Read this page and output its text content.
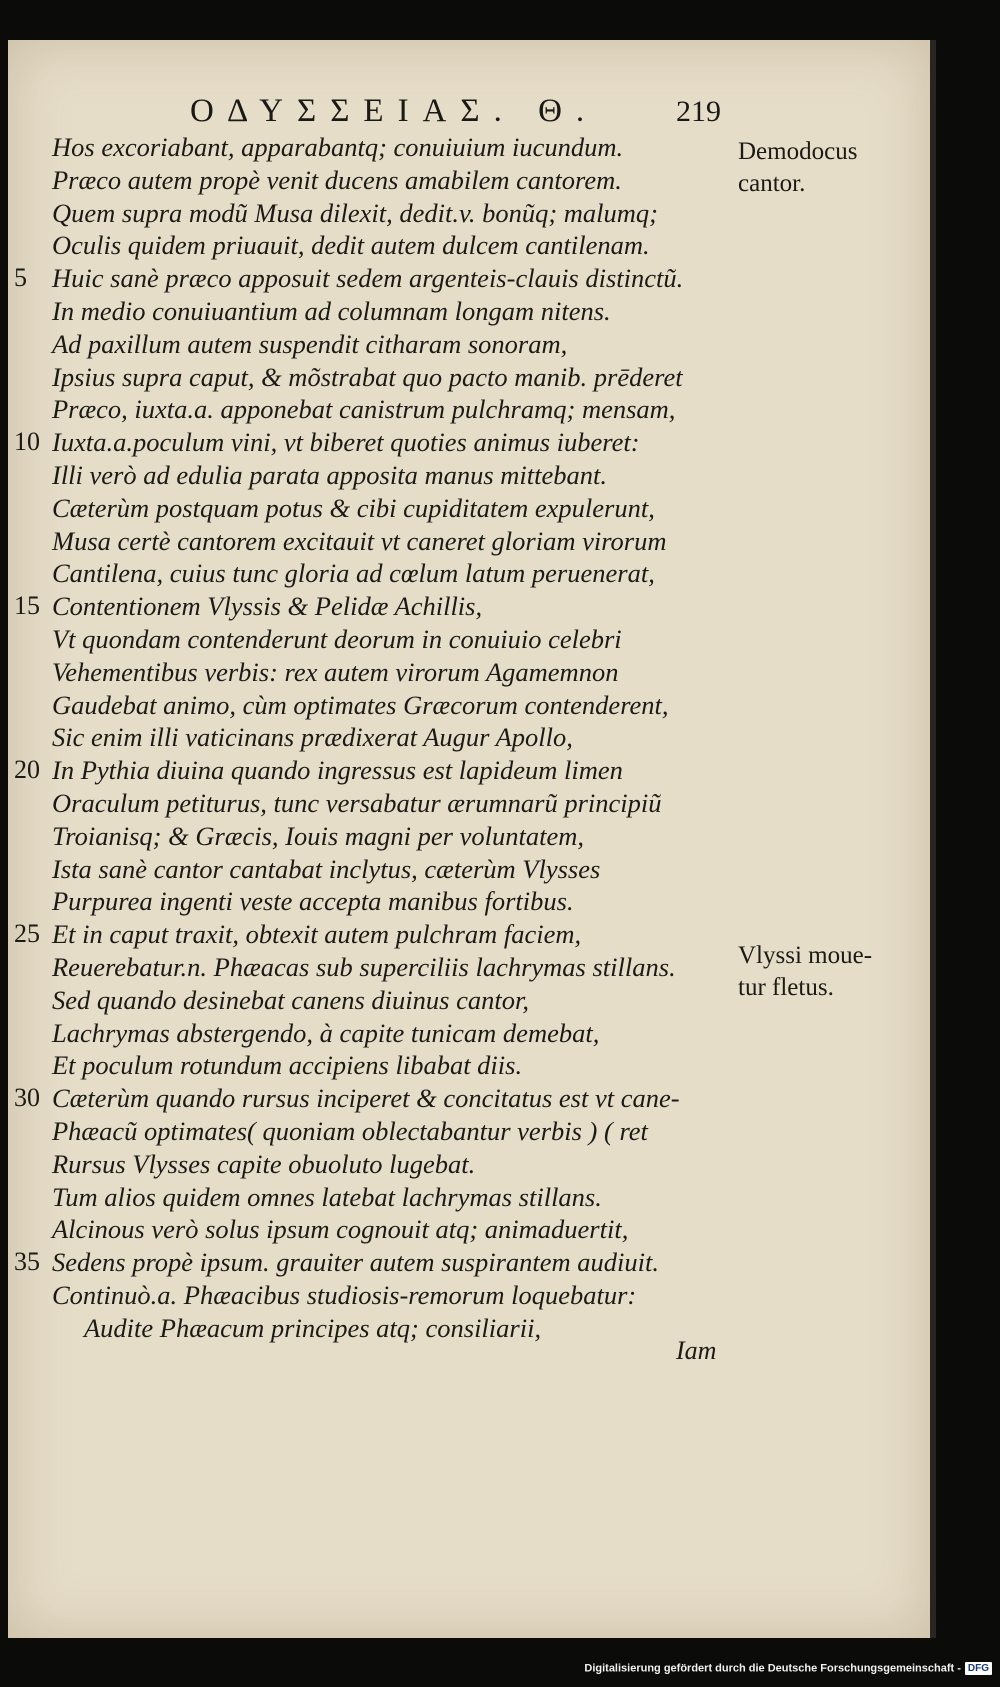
ΟΔΥΣΣΕΙΑΣ. Θ.	219
Hos excoriabant, apparabantq; conuiuium iucundum.
Præco autem propè venit ducens amabilem cantorem.
Quem supra modũ Musa dilexit, dedit.v. bonũq; malumq;
Oculis quidem priuauit, dedit autem dulcem cantilenam.
Huic sanè præco apposuit sedem argenteis-clauis distinctũ.
5
In medio conuiuantium ad columnam longam nitens.
Ad paxillum autem suspendit citharam sonoram,
Ipsius supra caput, & mõstrabat quo pacto manib. prēderet
Præco, iuxta.a. apponebat canistrum pulchramq; mensam,
Iuxta.a.poculum vini, vt biberet quoties animus iuberet:
10
Illi verò ad edulia parata apposita manus mittebant.
Cæterùm postquam potus & cibi cupiditatem expulerunt,
Musa certè cantorem excitauit vt caneret gloriam virorum
Cantilena, cuius tunc gloria ad cœlum latum peruenerat,
Contentionem Vlyssis & Pelidæ Achillis,
15
Vt quondam contenderunt deorum in conuiuio celebri
Vehementibus verbis: rex autem virorum Agamemnon
Gaudebat animo, cùm optimates Græcorum contenderent,
Sic enim illi vaticinans prædixerat Augur Apollo,
In Pythia diuina quando ingressus est lapideum limen
20
Oraculum petiturus, tunc versabatur ærumnarũ principiũ
Troianisq; & Græcis, Iouis magni per voluntatem,
Ista sanè cantor cantabat inclytus, cæterùm Vlysses
Purpurea ingenti veste accepta manibus fortibus.
Et in caput traxit, obtexit autem pulchram faciem,
25
Reuerebatur.n. Phæacas sub superciliis lachrymas stillans.
Sed quando desinebat canens diuinus cantor,
Lachrymas abstergendo, à capite tunicam demebat,
Et poculum rotundum accipiens libabat diis.
Cæterùm quando rursus inciperet & concitatus est vt cane-
30
Phæacũ optimates( quoniam oblectabantur verbis ) ( ret
Rursus Vlysses capite obuoluto lugebat.
Tum alios quidem omnes latebat lachrymas stillans.
Alcinous verò solus ipsum cognouit atq; animaduertit,
Sedens propè ipsum. grauiter autem suspirantem audiuit.
35
Continuò.a. Phæacibus studiosis-remorum loquebatur:
Audite Phæacum principes atq; consiliarii,
Demodocus
cantor.
Vlyssi moue-
tur fletus.
Iam
Digitalisierung gefördert durch die Deutsche Forschungsgemeinschaft - DFG
